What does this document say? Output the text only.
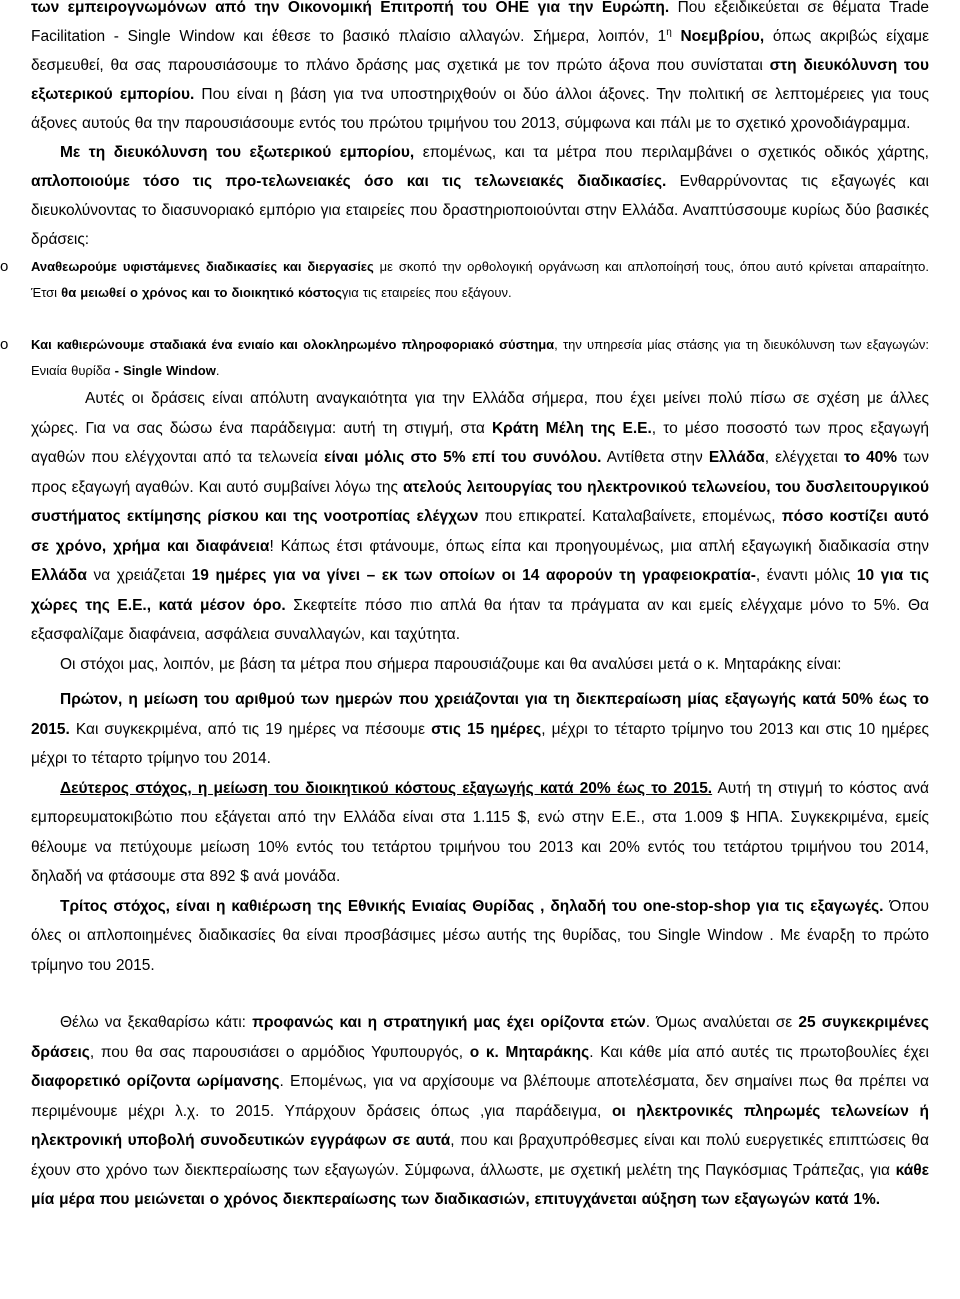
των εμπειρογνωμόνων από την Οικονομική Επιτροπή του ΟΗΕ για την Ευρώπη. Που εξειδικεύεται σε θέματα Trade Facilitation - Single Window και έθεσε το βασικό πλαίσιο αλλαγών. Σήμερα, λοιπόν, $1^\eta$ Νοεμβρίου, όπως ακριβώς είχαμε δεσμευθεί, θα σας παρουσιάσουμε το πλάνο δράσης μας σχετικά με τον πρώτο άξονα που συνίσταται στη διευκόλυνση του εξωτερικού εμπορίου. Που είναι η βάση για τνα υποστηριχθούν οι δύο άλλοι άξονες. Την πολιτική σε λεπτομέρειες για τους άξονες αυτούς θα την παρουσιάσουμε εντός του πρώτου τριμήνου του 2013, σύμφωνα και πάλι με το σχετικό χρονοδιάγραμμα.

Με τη διευκόλυνση του εξωτερικού εμπορίου, επομένως, και τα μέτρα που περιλαμβάνει ο σχετικός οδικός χάρτης, απλοποιούμε τόσο τις προ-τελωνειακές όσο και τις τελωνειακές διαδικασίες. Ενθαρρύνοντας τις εξαγωγές και διευκολύνοντας το διασυνοριακό εμπόριο για εταιρείες που δραστηριοποιούνται στην Ελλάδα. Αναπτύσσουμε κυρίως δύο βασικές δράσεις:

o	Αναθεωρούμε υφιστάμενες διαδικασίες και διεργασίες με σκοπό την ορθολογική οργάνωση και απλοποίησή τους, όπου αυτό κρίνεται απαραίτητο. Έτσι θα μειωθεί ο χρόνος και το διοικητικό κόστοςγια τις εταιρείες που εξάγουν.

o	Και καθιερώνουμε σταδιακά ένα ενιαίο και ολοκληρωμένο πληροφοριακό σύστημα, την υπηρεσία μίας στάσης για τη διευκόλυνση των εξαγωγών: Ενιαία θυρίδα - Single Window.

Αυτές οι δράσεις είναι απόλυτη αναγκαιότητα για την Ελλάδα σήμερα, που έχει μείνει πολύ πίσω σε σχέση με άλλες χώρες. Για να σας δώσω ένα παράδειγμα: αυτή τη στιγμή, στα Κράτη Μέλη της Ε.Ε., το μέσο ποσοστό των προς εξαγωγή αγαθών που ελέγχονται από τα τελωνεία είναι μόλις στο 5% επί του συνόλου. Αντίθετα στην Ελλάδα, ελέγχεται το 40% των προς εξαγωγή αγαθών. Και αυτό συμβαίνει λόγω της ατελούς λειτουργίας του ηλεκτρονικού τελωνείου, του δυσλειτουργικού συστήματος εκτίμησης ρίσκου και της νοοτροπίας ελέγχων που επικρατεί. Καταλαβαίνετε, επομένως, πόσο κοστίζει αυτό σε χρόνο, χρήμα και διαφάνεια! Κάπως έτσι φτάνουμε, όπως είπα και προηγουμένως, μια απλή εξαγωγική διαδικασία στην Ελλάδα να χρειάζεται 19 ημέρες για να γίνει – εκ των οποίων οι 14 αφορούν τη γραφειοκρατία-, έναντι μόλις 10 για τις χώρες της Ε.Ε., κατά μέσον όρο. Σκεφτείτε πόσο πιο απλά θα ήταν τα πράγματα αν και εμείς ελέγχαμε μόνο το 5%. Θα εξασφαλίζαμε διαφάνεια, ασφάλεια συναλλαγών, και ταχύτητα.

Οι στόχοι μας, λοιπόν, με βάση τα μέτρα που σήμερα παρουσιάζουμε και θα αναλύσει μετά ο κ. Μηταράκης είναι:

Πρώτον, η μείωση του αριθμού των ημερών που χρειάζονται για τη διεκπεραίωση μίας εξαγωγής κατά 50% έως το 2015. Και συγκεκριμένα, από τις 19 ημέρες να πέσουμε στις 15 ημέρες, μέχρι το τέταρτο τρίμηνο του 2013 και στις 10 ημέρες μέχρι το τέταρτο τρίμηνο του 2014.

Δεύτερος στόχος, η μείωση του διοικητικού κόστους εξαγωγής κατά 20% έως το 2015. Αυτή τη στιγμή το κόστος ανά εμπορευματοκιβώτιο που εξάγεται από την Ελλάδα είναι στα 1.115 $, ενώ στην Ε.Ε., στα 1.009 $ ΗΠΑ. Συγκεκριμένα, εμείς θέλουμε να πετύχουμε μείωση 10% εντός του τετάρτου τριμήνου του 2013 και 20% εντός του τετάρτου τριμήνου του 2014, δηλαδή να φτάσουμε στα 892 $ ανά μονάδα.

Τρίτος στόχος, είναι η καθιέρωση της Εθνικής Ενιαίας Θυρίδας , δηλαδή του one-stop-shop για τις εξαγωγές. Όπου όλες οι απλοποιημένες διαδικασίες θα είναι προσβάσιμες μέσω αυτής της θυρίδας, του Single Window . Με έναρξη το πρώτο τρίμηνο του 2015.

Θέλω να ξεκαθαρίσω κάτι: προφανώς και η στρατηγική μας έχει ορίζοντα ετών. Όμως αναλύεται σε 25 συγκεκριμένες δράσεις, που θα σας παρουσιάσει ο αρμόδιος Υφυπουργός, ο κ. Μηταράκης. Και κάθε μία από αυτές τις πρωτοβουλίες έχει διαφορετικό ορίζοντα ωρίμανσης. Επομένως, για να αρχίσουμε να βλέπουμε αποτελέσματα, δεν σημαίνει πως θα πρέπει να περιμένουμε μέχρι λ.χ. το 2015. Υπάρχουν δράσεις όπως ,για παράδειγμα, οι ηλεκτρονικές πληρωμές τελωνείων ή ηλεκτρονική υποβολή συνοδευτικών εγγράφων σε αυτά, που και βραχυπρόθεσμες είναι και πολύ ευεργετικές επιπτώσεις θα έχουν στο χρόνο των διεκπεραίωσης των εξαγωγών. Σύμφωνα, άλλωστε, με σχετική μελέτη της Παγκόσμιας Τράπεζας, για κάθε μία μέρα που μειώνεται ο χρόνος διεκπεραίωσης των διαδικασιών, επιτυγχάνεται αύξηση των εξαγωγών κατά 1%.
